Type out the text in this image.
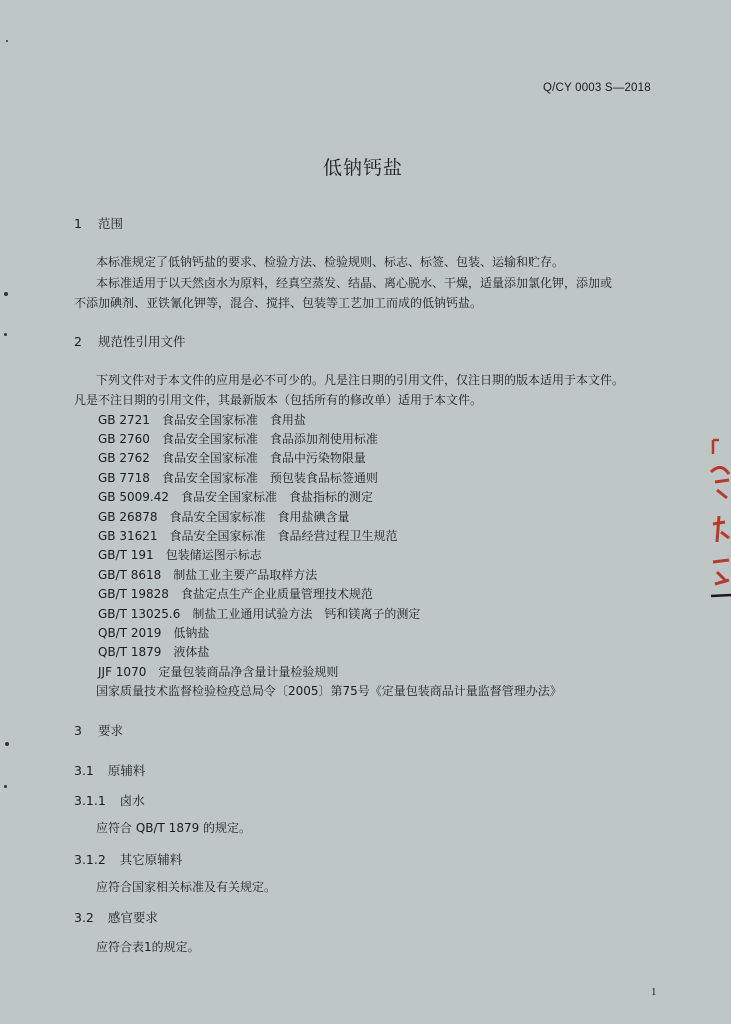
Q/CY 0003 S—2018
低钠钙盐
1 范围
本标准规定了低钠钙盐的要求、检验方法、检验规则、标志、标签、包装、运输和贮存。
本标准适用于以天然卤水为原料，经真空蒸发、结晶、离心脱水、干燥，适量添加氯化钾，添加或
不添加碘剂、亚铁氰化钾等，混合、搅拌、包装等工艺加工而成的低钠钙盐。
2 规范性引用文件
下列文件对于本文件的应用是必不可少的。凡是注日期的引用文件，仅注日期的版本适用于本文件。
凡是不注日期的引用文件，其最新版本（包括所有的修改单）适用于本文件。
GB 2721　食品安全国家标准　食用盐
GB 2760　食品安全国家标准　食品添加剂使用标准
GB 2762　食品安全国家标准　食品中污染物限量
GB 7718　食品安全国家标准　预包装食品标签通则
GB 5009.42　食品安全国家标准　食盐指标的测定
GB 26878　食品安全国家标准　食用盐碘含量
GB 31621　食品安全国家标准　食品经营过程卫生规范
GB/T 191　包装储运图示标志
GB/T 8618　制盐工业主要产品取样方法
GB/T 19828　食盐定点生产企业质量管理技术规范
GB/T 13025.6　制盐工业通用试验方法　钙和镁离子的测定
QB/T 2019　低钠盐
QB/T 1879　液体盐
JJF 1070　定量包装商品净含量计量检验规则
国家质量技术监督检验检疫总局令〔2005〕第75号《定量包装商品计量监督管理办法》
3 要求
3.1 原辅料
3.1.1 卤水
应符合 QB/T 1879 的规定。
3.1.2 其它原辅料
应符合国家相关标准及有关规定。
3.2 感官要求
应符合表1的规定。
1
